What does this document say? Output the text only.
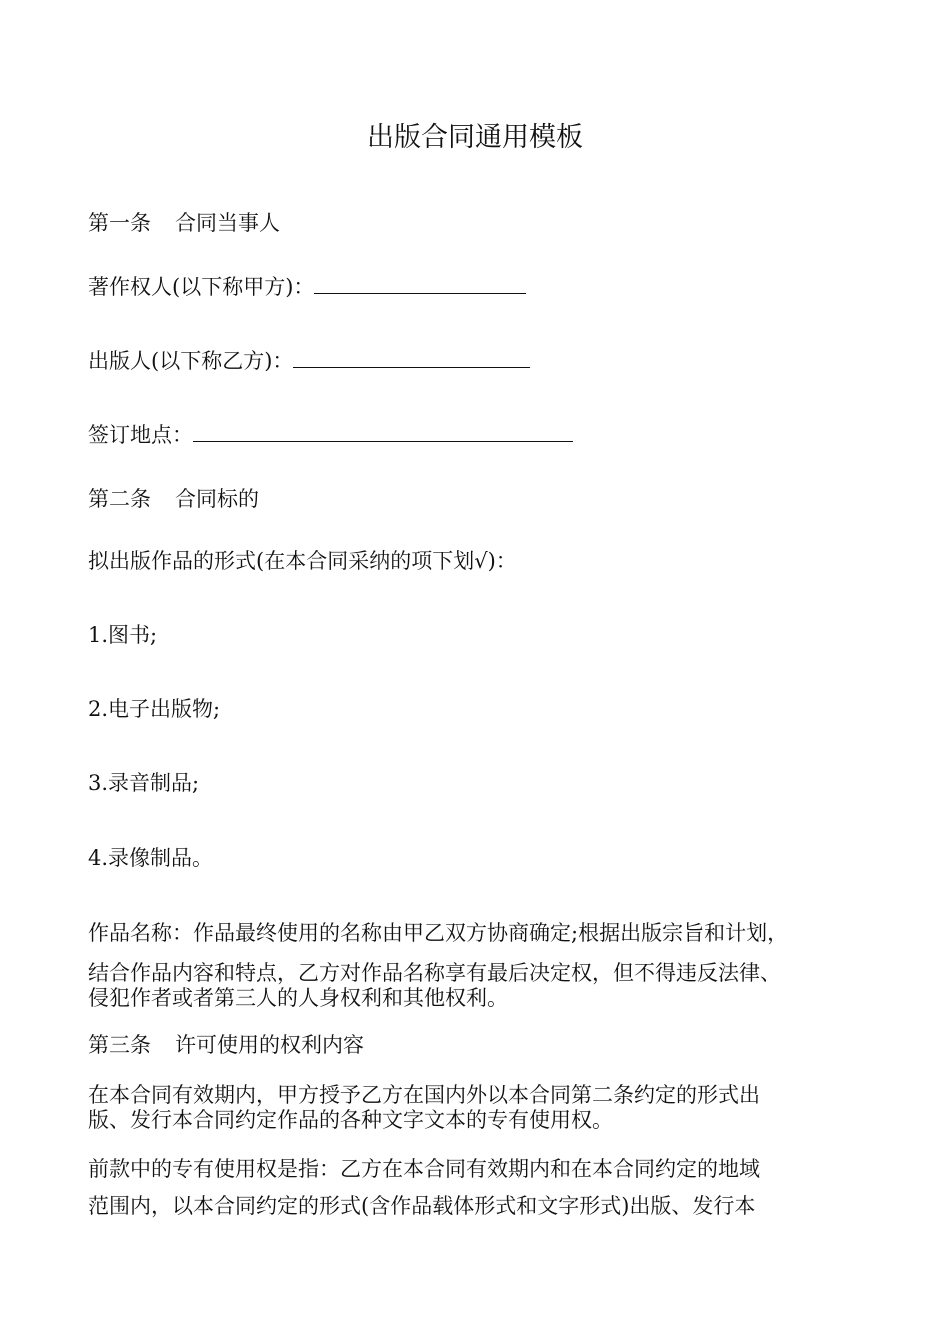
出版合同通用模板
第一条 合同当事人
著作权人(以下称甲方)：
出版人(以下称乙方)：
签订地点：
第二条 合同标的
拟出版作品的形式(在本合同采纳的项下划√)：
1.图书;
2.电子出版物;
3.录音制品;
4.录像制品。
作品名称：作品最终使用的名称由甲乙双方协商确定;根据出版宗旨和计划，
结合作品内容和特点，乙方对作品名称享有最后决定权，但不得违反法律、
侵犯作者或者第三人的人身权利和其他权利。
第三条 许可使用的权利内容
在本合同有效期内，甲方授予乙方在国内外以本合同第二条约定的形式出
版、发行本合同约定作品的各种文字文本的专有使用权。
前款中的专有使用权是指：乙方在本合同有效期内和在本合同约定的地域
范围内，以本合同约定的形式(含作品载体形式和文字形式)出版、发行本
